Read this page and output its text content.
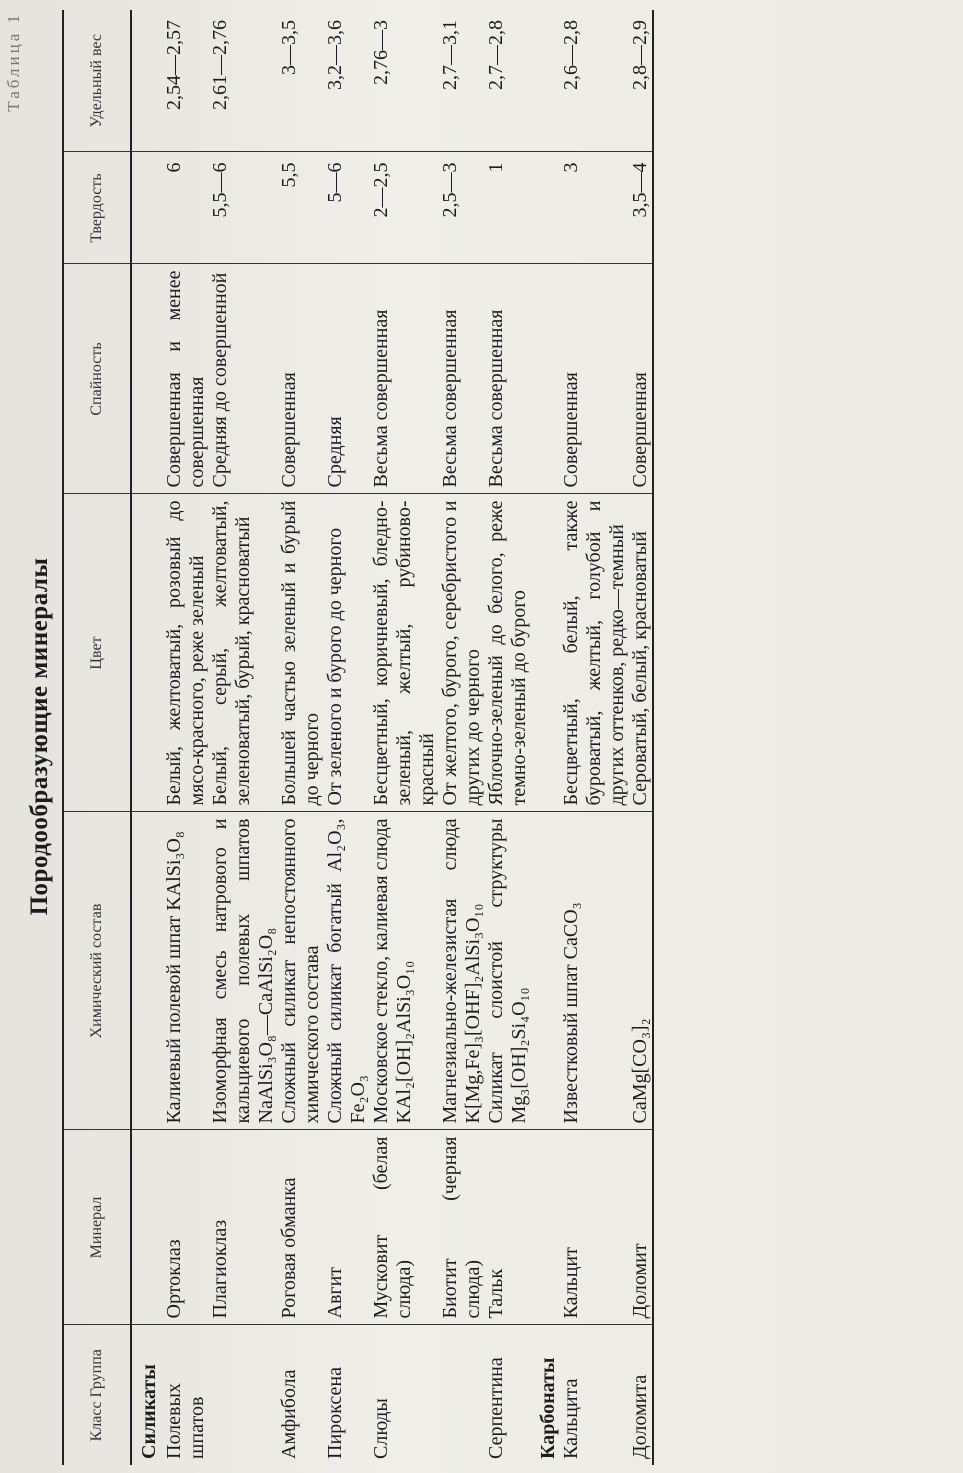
Таблица 1
Породообразующие минералы
Класс Группа	Минерал	Химический состав	Цвет	Спайность	Твердость	Удельный вес
Силикаты						
Полевых шпатов	Ортоклаз	Калиевый полевой шпат KAlSi₃O₈	Белый, желтоватый, розовый до мясо-красного, реже зеленый	Совершенная и менее совершенная	6	2,54—2,57
	Плагиоклаз	Изоморфная смесь натрового и кальциевого полевых шпатов NaAlSi₃O₈—CaAlSi₂O₈	Белый, серый, желтоватый, зеленоватый, бурый, красноватый	Средняя до совершенной	5,5—6	2,61—2,76
Амфибола	Роговая обманка	Сложный силикат непостоянного химического состава	Большей частью зеленый и бурый до черного	Совершенная	5,5	3—3,5
Пироксена	Авгит	Сложный силикат богатый Al₂O₃, Fe₂O₃	От зеленого и бурого до черного	Средняя	5—6	3,2—3,6
Слюды	Мусковит (белая слюда)	Московское стекло, калиевая слюда KAl₂[OH]₂AlSi₃O₁₀	Бесцветный, коричневый, бледно-зеленый, желтый, рубиново-красный	Весьма совершенная	2—2,5	2,76—3
	Биотит (черная слюда)	Магнезиально-железистая слюда K[Mg,Fe]₃[OHF]₂AlSi₃O₁₀	От желтого, бурого, серебристого и других до черного	Весьма совершенная	2,5—3	2,7—3,1
Серпентина	Тальк	Силикат слоистой структуры Mg₃[OH]₂Si₄O₁₀	Яблочно-зеленый до белого, реже темно-зеленый до бурого	Весьма совершенная	1	2,7—2,8
Карбонаты						
Кальцита	Кальцит	Известковый шпат CaCO₃	Бесцветный, белый, также буроватый, желтый, голубой и других оттенков, редко—темный	Совершенная	3	2,6—2,8
Доломита	Доломит	CaMg[CO₃]₂	Сероватый, белый, красноватый	Совершенная	3,5—4	2,8—2,9
